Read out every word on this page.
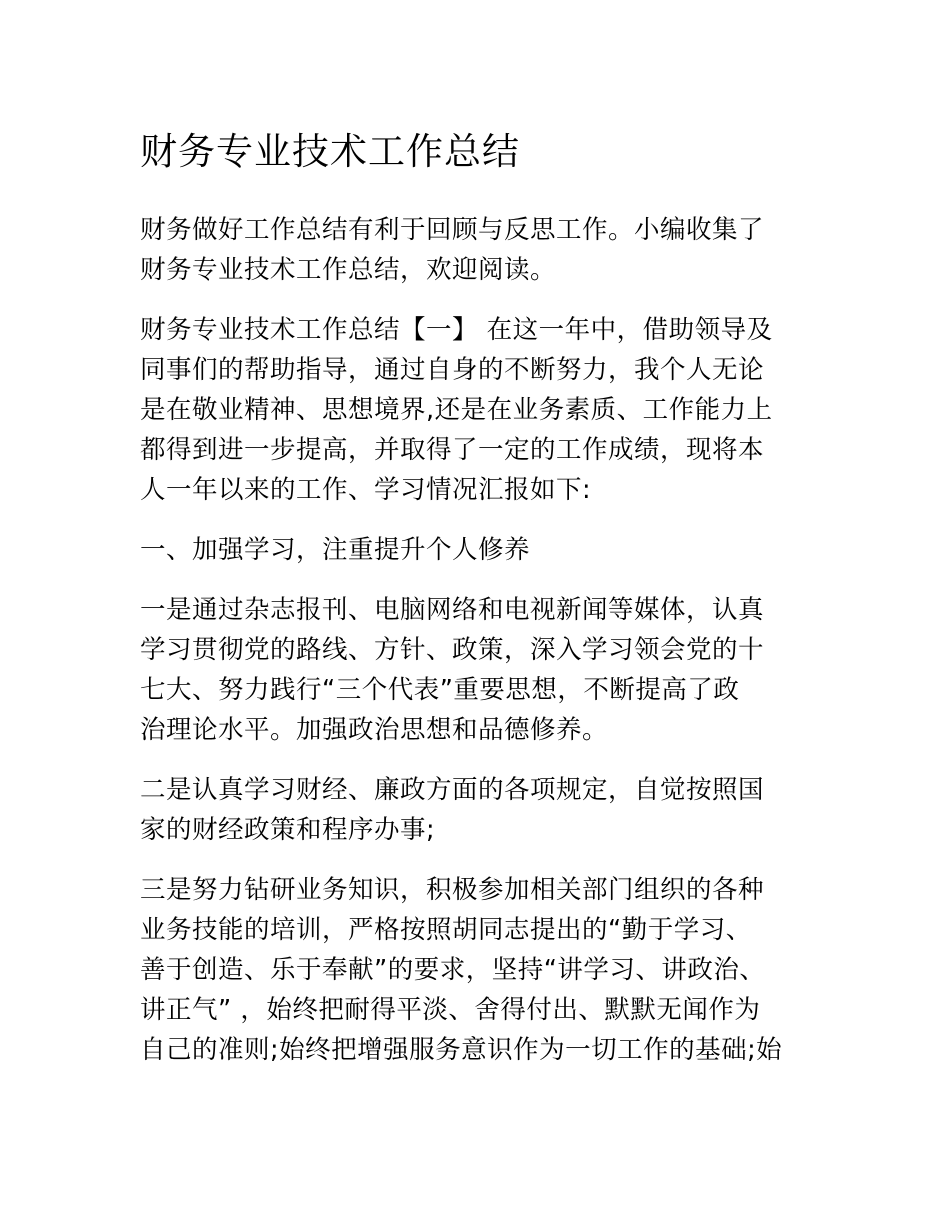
财务专业技术工作总结
财务做好工作总结有利于回顾与反思工作。小编收集了
财务专业技术工作总结，欢迎阅读。
财务专业技术工作总结【一】 在这一年中，借助领导及
同事们的帮助指导，通过自身的不断努力，我个人无论
是在敬业精神、思想境界,还是在业务素质、工作能力上
都得到进一步提高，并取得了一定的工作成绩，现将本
人一年以来的工作、学习情况汇报如下:
一、加强学习，注重提升个人修养
一是通过杂志报刊、电脑网络和电视新闻等媒体，认真
学习贯彻党的路线、方针、政策，深入学习领会党的十
七大、努力践行“三个代表”重要思想，不断提高了政
治理论水平。加强政治思想和品德修养。
二是认真学习财经、廉政方面的各项规定，自觉按照国
家的财经政策和程序办事;
三是努力钻研业务知识，积极参加相关部门组织的各种
业务技能的培训，严格按照胡同志提出的“勤于学习、
善于创造、乐于奉献”的要求，坚持“讲学习、讲政治、
讲正气” ，始终把耐得平淡、舍得付出、默默无闻作为
自己的准则;始终把增强服务意识作为一切工作的基础;始
